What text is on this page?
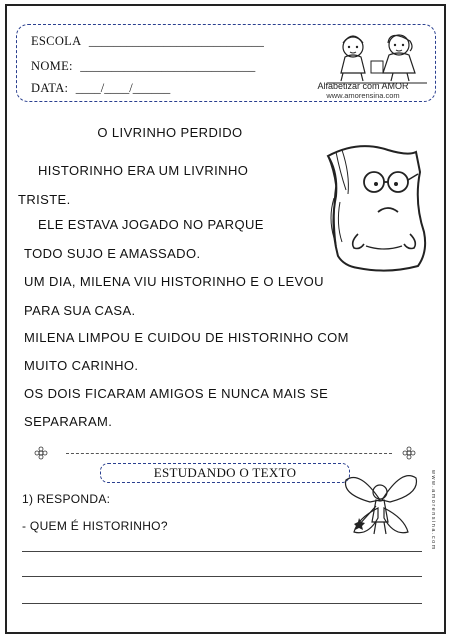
ESCOLA ____________________________
NOME: ____________________________
DATA: ____/____/______	Alfabetizar com AMOR
www.amorensina.com
O LIVRINHO PERDIDO
HISTORINHO ERA UM LIVRINHO
TRISTE.
ELE ESTAVA JOGADO NO PARQUE
TODO SUJO E AMASSADO.
UM DIA, MILENA VIU HISTORINHO E O LEVOU
PARA SUA CASA.
MILENA LIMPOU E CUIDOU DE HISTORINHO COM
MUITO CARINHO.
OS DOIS FICARAM AMIGOS E NUNCA MAIS SE
SEPARARAM.
ESTUDANDO O TEXTO
1) RESPONDA:
- QUEM É HISTORINHO?	www.amorensina.com
